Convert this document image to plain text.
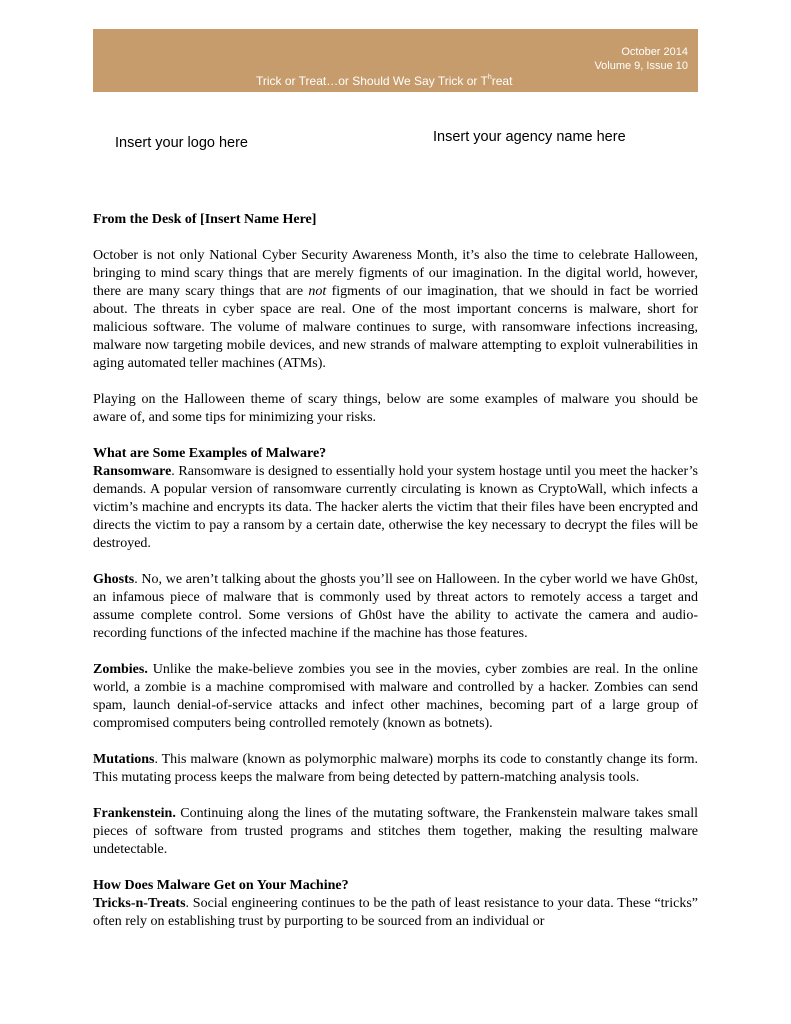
October 2014
Volume 9, Issue 10
Trick or Treat…or Should We Say Trick or $T^hreat$
Insert your logo here	Insert your agency name here

From the Desk of [Insert Name Here]

October is not only National Cyber Security Awareness Month, it’s also the time to celebrate Halloween, bringing to mind scary things that are merely figments of our imagination. In the digital world, however, there are many scary things that are not figments of our imagination, that we should in fact be worried about. The threats in cyber space are real. One of the most important concerns is malware, short for malicious software. The volume of malware continues to surge, with ransomware infections increasing, malware now targeting mobile devices, and new strands of malware attempting to exploit vulnerabilities in aging automated teller machines (ATMs).

Playing on the Halloween theme of scary things, below are some examples of malware you should be aware of, and some tips for minimizing your risks.

What are Some Examples of Malware?

Ransomware. Ransomware is designed to essentially hold your system hostage until you meet the hacker’s demands. A popular version of ransomware currently circulating is known as CryptoWall, which infects a victim’s machine and encrypts its data. The hacker alerts the victim that their files have been encrypted and directs the victim to pay a ransom by a certain date, otherwise the key necessary to decrypt the files will be destroyed.

Ghosts. No, we aren’t talking about the ghosts you’ll see on Halloween. In the cyber world we have Gh0st, an infamous piece of malware that is commonly used by threat actors to remotely access a target and assume complete control. Some versions of Gh0st have the ability to activate the camera and audio-recording functions of the infected machine if the machine has those features.

Zombies. Unlike the make-believe zombies you see in the movies, cyber zombies are real. In the online world, a zombie is a machine compromised with malware and controlled by a hacker. Zombies can send spam, launch denial-of-service attacks and infect other machines, becoming part of a large group of compromised computers being controlled remotely (known as botnets).

Mutations. This malware (known as polymorphic malware) morphs its code to constantly change its form. This mutating process keeps the malware from being detected by pattern-matching analysis tools.

Frankenstein. Continuing along the lines of the mutating software, the Frankenstein malware takes small pieces of software from trusted programs and stitches them together, making the resulting malware undetectable.

How Does Malware Get on Your Machine?

Tricks-n-Treats. Social engineering continues to be the path of least resistance to your data. These “tricks” often rely on establishing trust by purporting to be sourced from an individual or
